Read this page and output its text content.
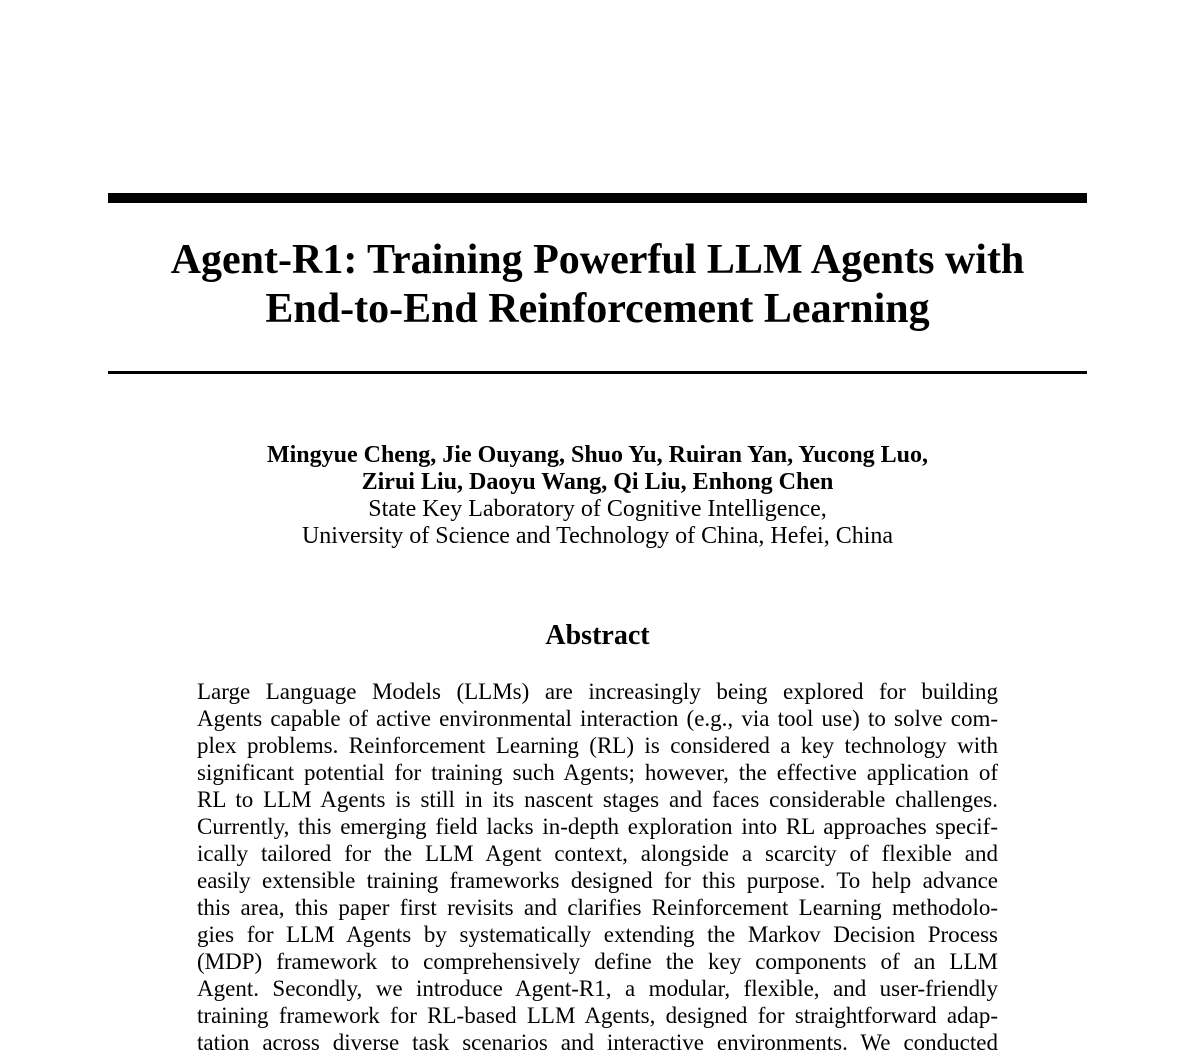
Agent-R1: Training Powerful LLM Agents with
End-to-End Reinforcement Learning
Mingyue Cheng, Jie Ouyang, Shuo Yu, Ruiran Yan, Yucong Luo,
Zirui Liu, Daoyu Wang, Qi Liu, Enhong Chen
State Key Laboratory of Cognitive Intelligence,
University of Science and Technology of China, Hefei, China
Abstract
Large Language Models (LLMs) are increasingly being explored for building
Agents capable of active environmental interaction (e.g., via tool use) to solve com-
plex problems. Reinforcement Learning (RL) is considered a key technology with
significant potential for training such Agents; however, the effective application of
RL to LLM Agents is still in its nascent stages and faces considerable challenges.
Currently, this emerging field lacks in-depth exploration into RL approaches specif-
ically tailored for the LLM Agent context, alongside a scarcity of flexible and
easily extensible training frameworks designed for this purpose. To help advance
this area, this paper first revisits and clarifies Reinforcement Learning methodolo-
gies for LLM Agents by systematically extending the Markov Decision Process
(MDP) framework to comprehensively define the key components of an LLM
Agent. Secondly, we introduce Agent-R1, a modular, flexible, and user-friendly
training framework for RL-based LLM Agents, designed for straightforward adap-
tation across diverse task scenarios and interactive environments. We conducted
